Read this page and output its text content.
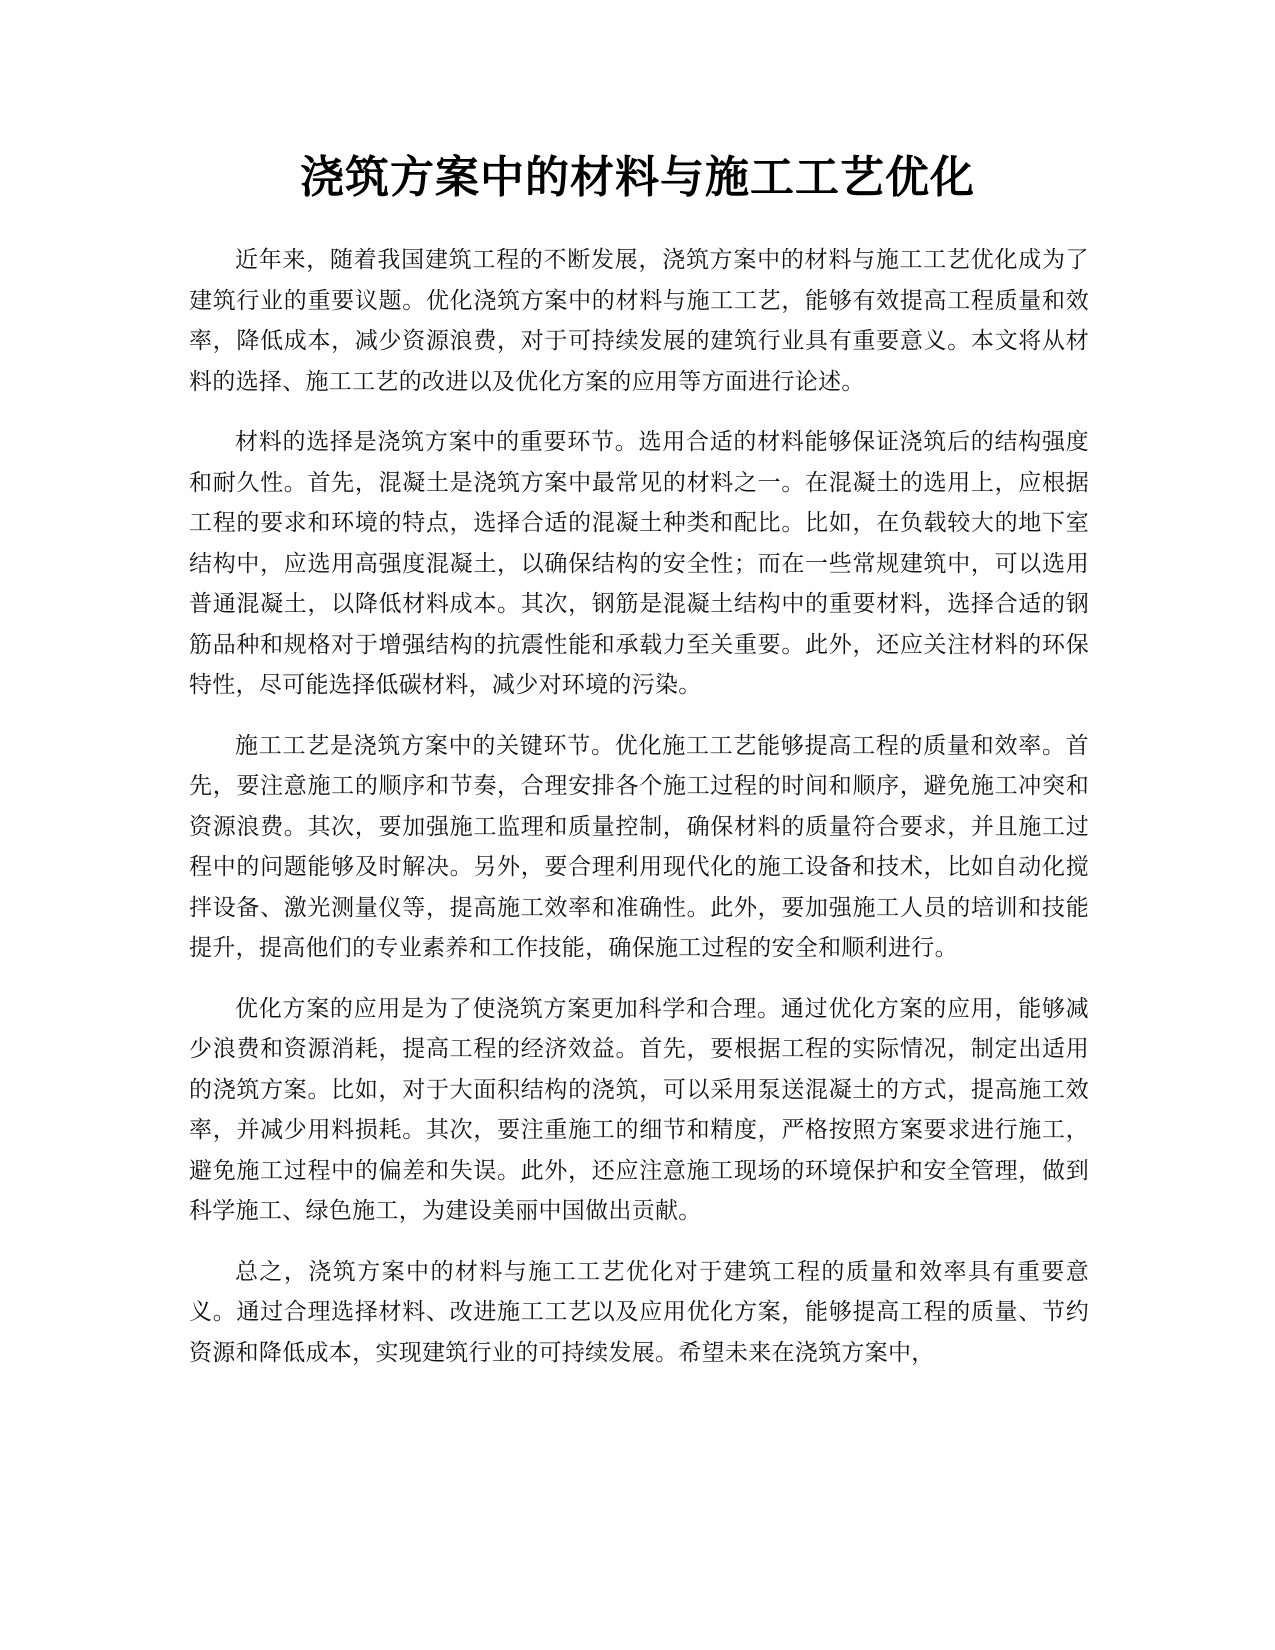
浇筑方案中的材料与施工工艺优化

近年来，随着我国建筑工程的不断发展，浇筑方案中的材料与施工工艺优化成为了建筑行业的重要议题。优化浇筑方案中的材料与施工工艺，能够有效提高工程质量和效率，降低成本，减少资源浪费，对于可持续发展的建筑行业具有重要意义。本文将从材料的选择、施工工艺的改进以及优化方案的应用等方面进行论述。

材料的选择是浇筑方案中的重要环节。选用合适的材料能够保证浇筑后的结构强度和耐久性。首先，混凝土是浇筑方案中最常见的材料之一。在混凝土的选用上，应根据工程的要求和环境的特点，选择合适的混凝土种类和配比。比如，在负载较大的地下室结构中，应选用高强度混凝土，以确保结构的安全性；而在一些常规建筑中，可以选用普通混凝土，以降低材料成本。其次，钢筋是混凝土结构中的重要材料，选择合适的钢筋品种和规格对于增强结构的抗震性能和承载力至关重要。此外，还应关注材料的环保特性，尽可能选择低碳材料，减少对环境的污染。

施工工艺是浇筑方案中的关键环节。优化施工工艺能够提高工程的质量和效率。首先，要注意施工的顺序和节奏，合理安排各个施工过程的时间和顺序，避免施工冲突和资源浪费。其次，要加强施工监理和质量控制，确保材料的质量符合要求，并且施工过程中的问题能够及时解决。另外，要合理利用现代化的施工设备和技术，比如自动化搅拌设备、激光测量仪等，提高施工效率和准确性。此外，要加强施工人员的培训和技能提升，提高他们的专业素养和工作技能，确保施工过程的安全和顺利进行。

优化方案的应用是为了使浇筑方案更加科学和合理。通过优化方案的应用，能够减少浪费和资源消耗，提高工程的经济效益。首先，要根据工程的实际情况，制定出适用的浇筑方案。比如，对于大面积结构的浇筑，可以采用泵送混凝土的方式，提高施工效率，并减少用料损耗。其次，要注重施工的细节和精度，严格按照方案要求进行施工，避免施工过程中的偏差和失误。此外，还应注意施工现场的环境保护和安全管理，做到科学施工、绿色施工，为建设美丽中国做出贡献。

总之，浇筑方案中的材料与施工工艺优化对于建筑工程的质量和效率具有重要意义。通过合理选择材料、改进施工工艺以及应用优化方案，能够提高工程的质量、节约资源和降低成本，实现建筑行业的可持续发展。希望未来在浇筑方案中，
